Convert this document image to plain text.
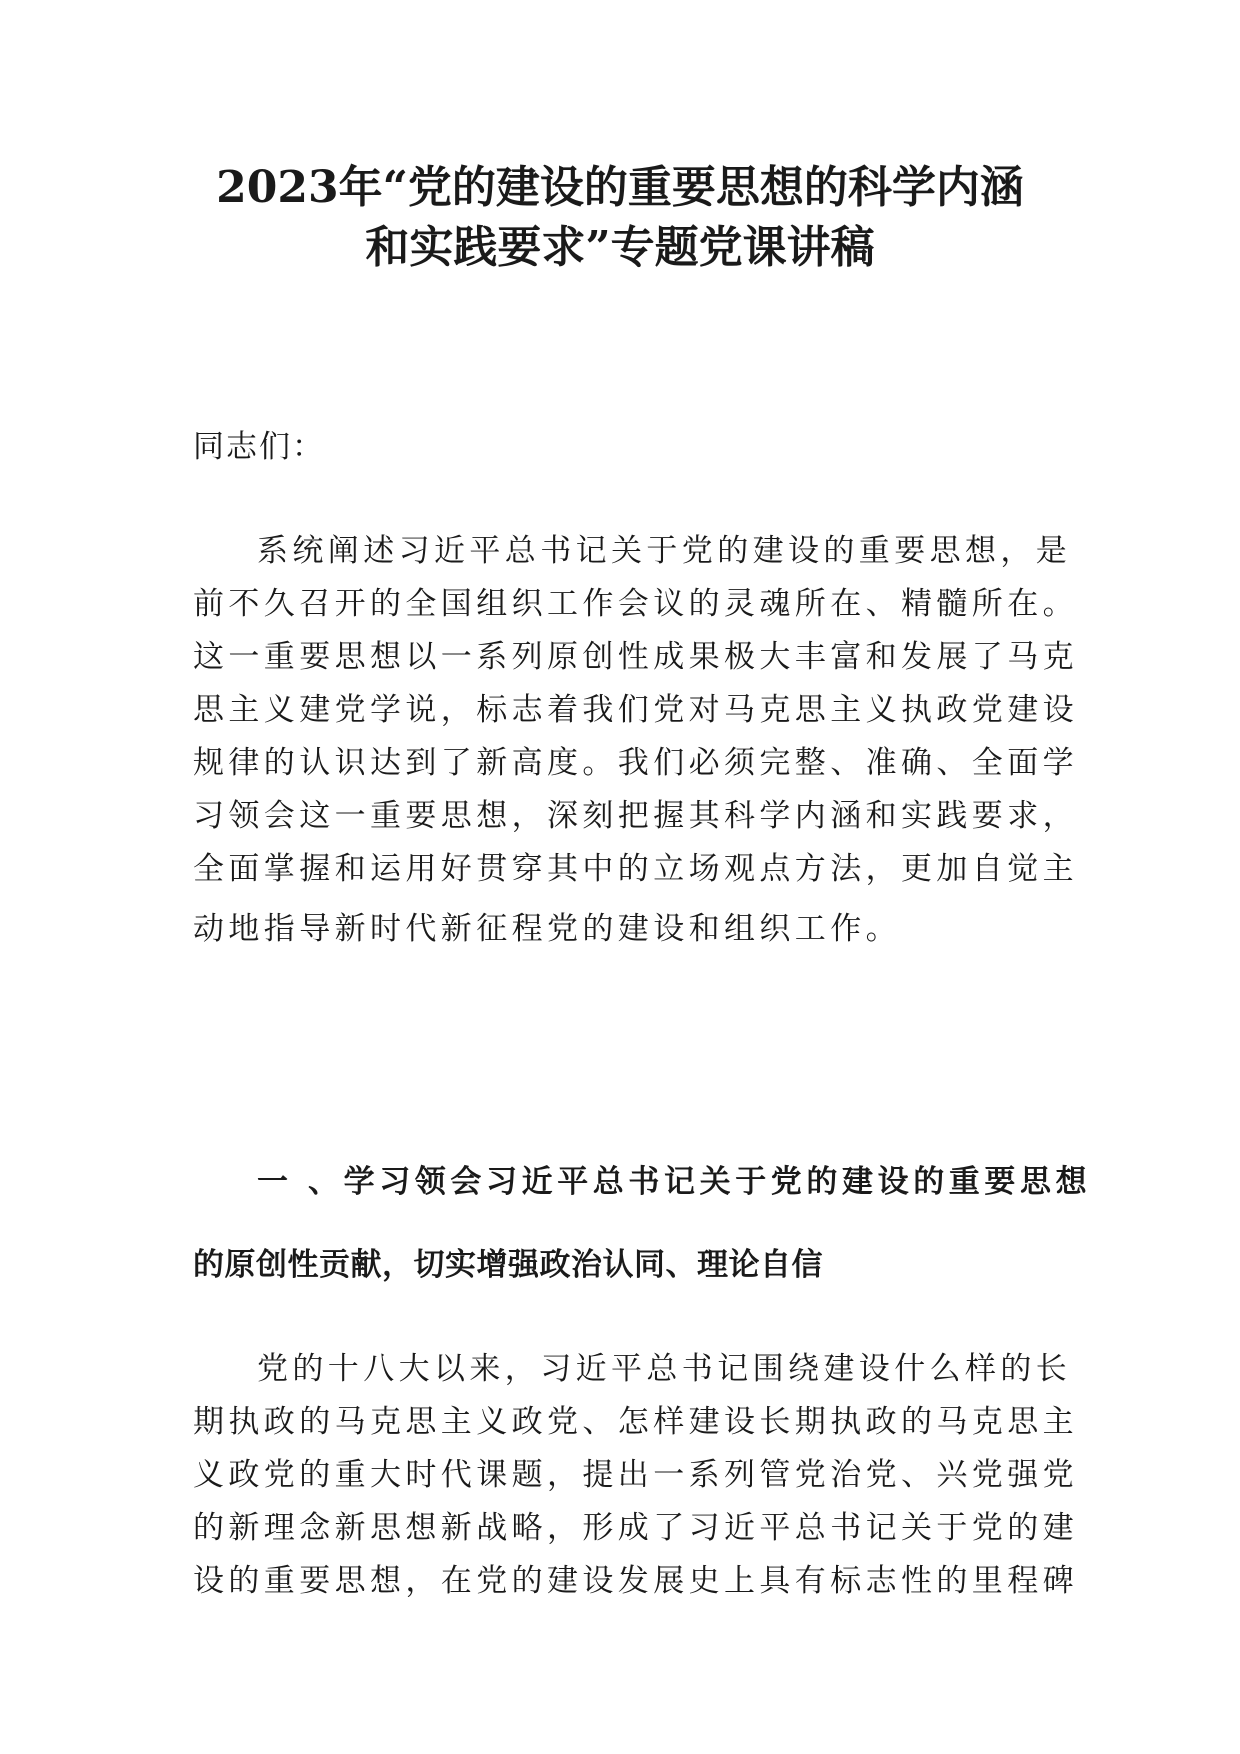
2023年“党的建设的重要思想的科学内涵
和实践要求”专题党课讲稿

同志们：

系统阐述习近平总书记关于党的建设的重要思想，是

前不久召开的全国组织工作会议的灵魂所在、精髓所在。

这一重要思想以一系列原创性成果极大丰富和发展了马克

思主义建党学说，标志着我们党对马克思主义执政党建设

规律的认识达到了新高度。我们必须完整、准确、全面学

习领会这一重要思想，深刻把握其科学内涵和实践要求，

全面掌握和运用好贯穿其中的立场观点方法，更加自觉主

动地指导新时代新征程党的建设和组织工作。

一 、学习领会习近平总书记关于党的建设的重要思想
的原创性贡献，切实增强政治认同、理论自信

党的十八大以来，习近平总书记围绕建设什么样的长

期执政的马克思主义政党、怎样建设长期执政的马克思主

义政党的重大时代课题，提出一系列管党治党、兴党强党

的新理念新思想新战略，形成了习近平总书记关于党的建

设的重要思想，在党的建设发展史上具有标志性的里程碑
